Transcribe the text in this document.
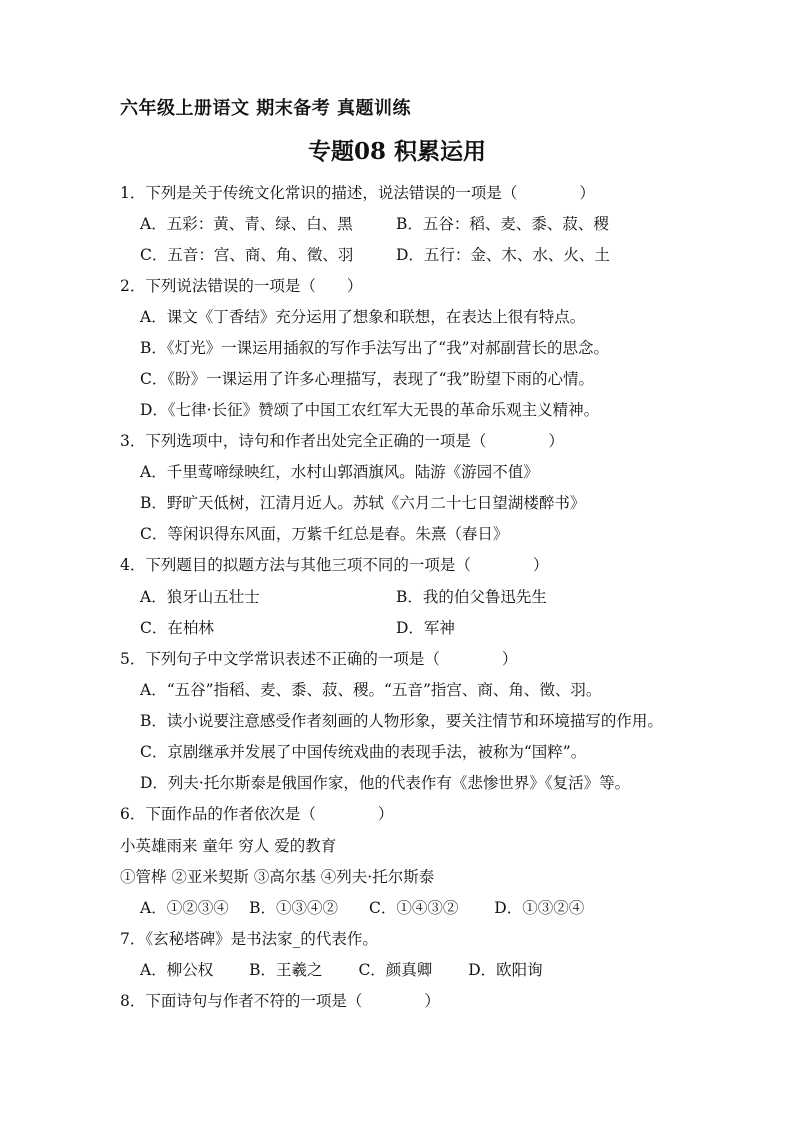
六年级上册语文 期末备考 真题训练
专题08 积累运用
1．下列是关于传统文化常识的描述，说法错误的一项是（　　　　）
A．五彩：黄、青、绿、白、黑	B．五谷：稻、麦、黍、菽、稷
C．五音：宫、商、角、徵、羽	D．五行：金、木、水、火、土
2．下列说法错误的一项是（　　）
A．课文《丁香结》充分运用了想象和联想，在表达上很有特点。
B．《灯光》一课运用插叙的写作手法写出了“我”对郝副营长的思念。
C．《盼》一课运用了许多心理描写，表现了“我”盼望下雨的心情。
D．《七律·长征》赞颂了中国工农红军大无畏的革命乐观主义精神。
3．下列选项中，诗句和作者出处完全正确的一项是（　　　　）
A．千里莺啼绿映红，水村山郭酒旗风。陆游《游园不值》
B．野旷天低树，江清月近人。苏轼《六月二十七日望湖楼醉书》
C．等闲识得东风面，万紫千红总是春。朱熹（春日》
4．下列题目的拟题方法与其他三项不同的一项是（　　　　）
A．狼牙山五壮士	B．我的伯父鲁迅先生
C．在柏林	D．军神
5．下列句子中文学常识表述不正确的一项是（　　　　）
A．“五谷”指稻、麦、黍、菽、稷。“五音”指宫、商、角、徵、羽。
B．读小说要注意感受作者刻画的人物形象，要关注情节和环境描写的作用。
C．京剧继承并发展了中国传统戏曲的表现手法，被称为“国粹”。
D．列夫·托尔斯泰是俄国作家，他的代表作有《悲惨世界》《复活》等。
6．下面作品的作者依次是（　　　　）
小英雄雨来 童年 穷人 爱的教育
①管桦 ②亚米契斯 ③高尔基 ④列夫·托尔斯泰
A．①②③④　 B．①③④②　　C．①④③②　　 D．①③②④
7．《玄秘塔碑》是书法家_的代表作。
A．柳公权　　 B．王羲之　　 C．颜真卿　　 D．欧阳询
8．下面诗句与作者不符的一项是（　　　　）
